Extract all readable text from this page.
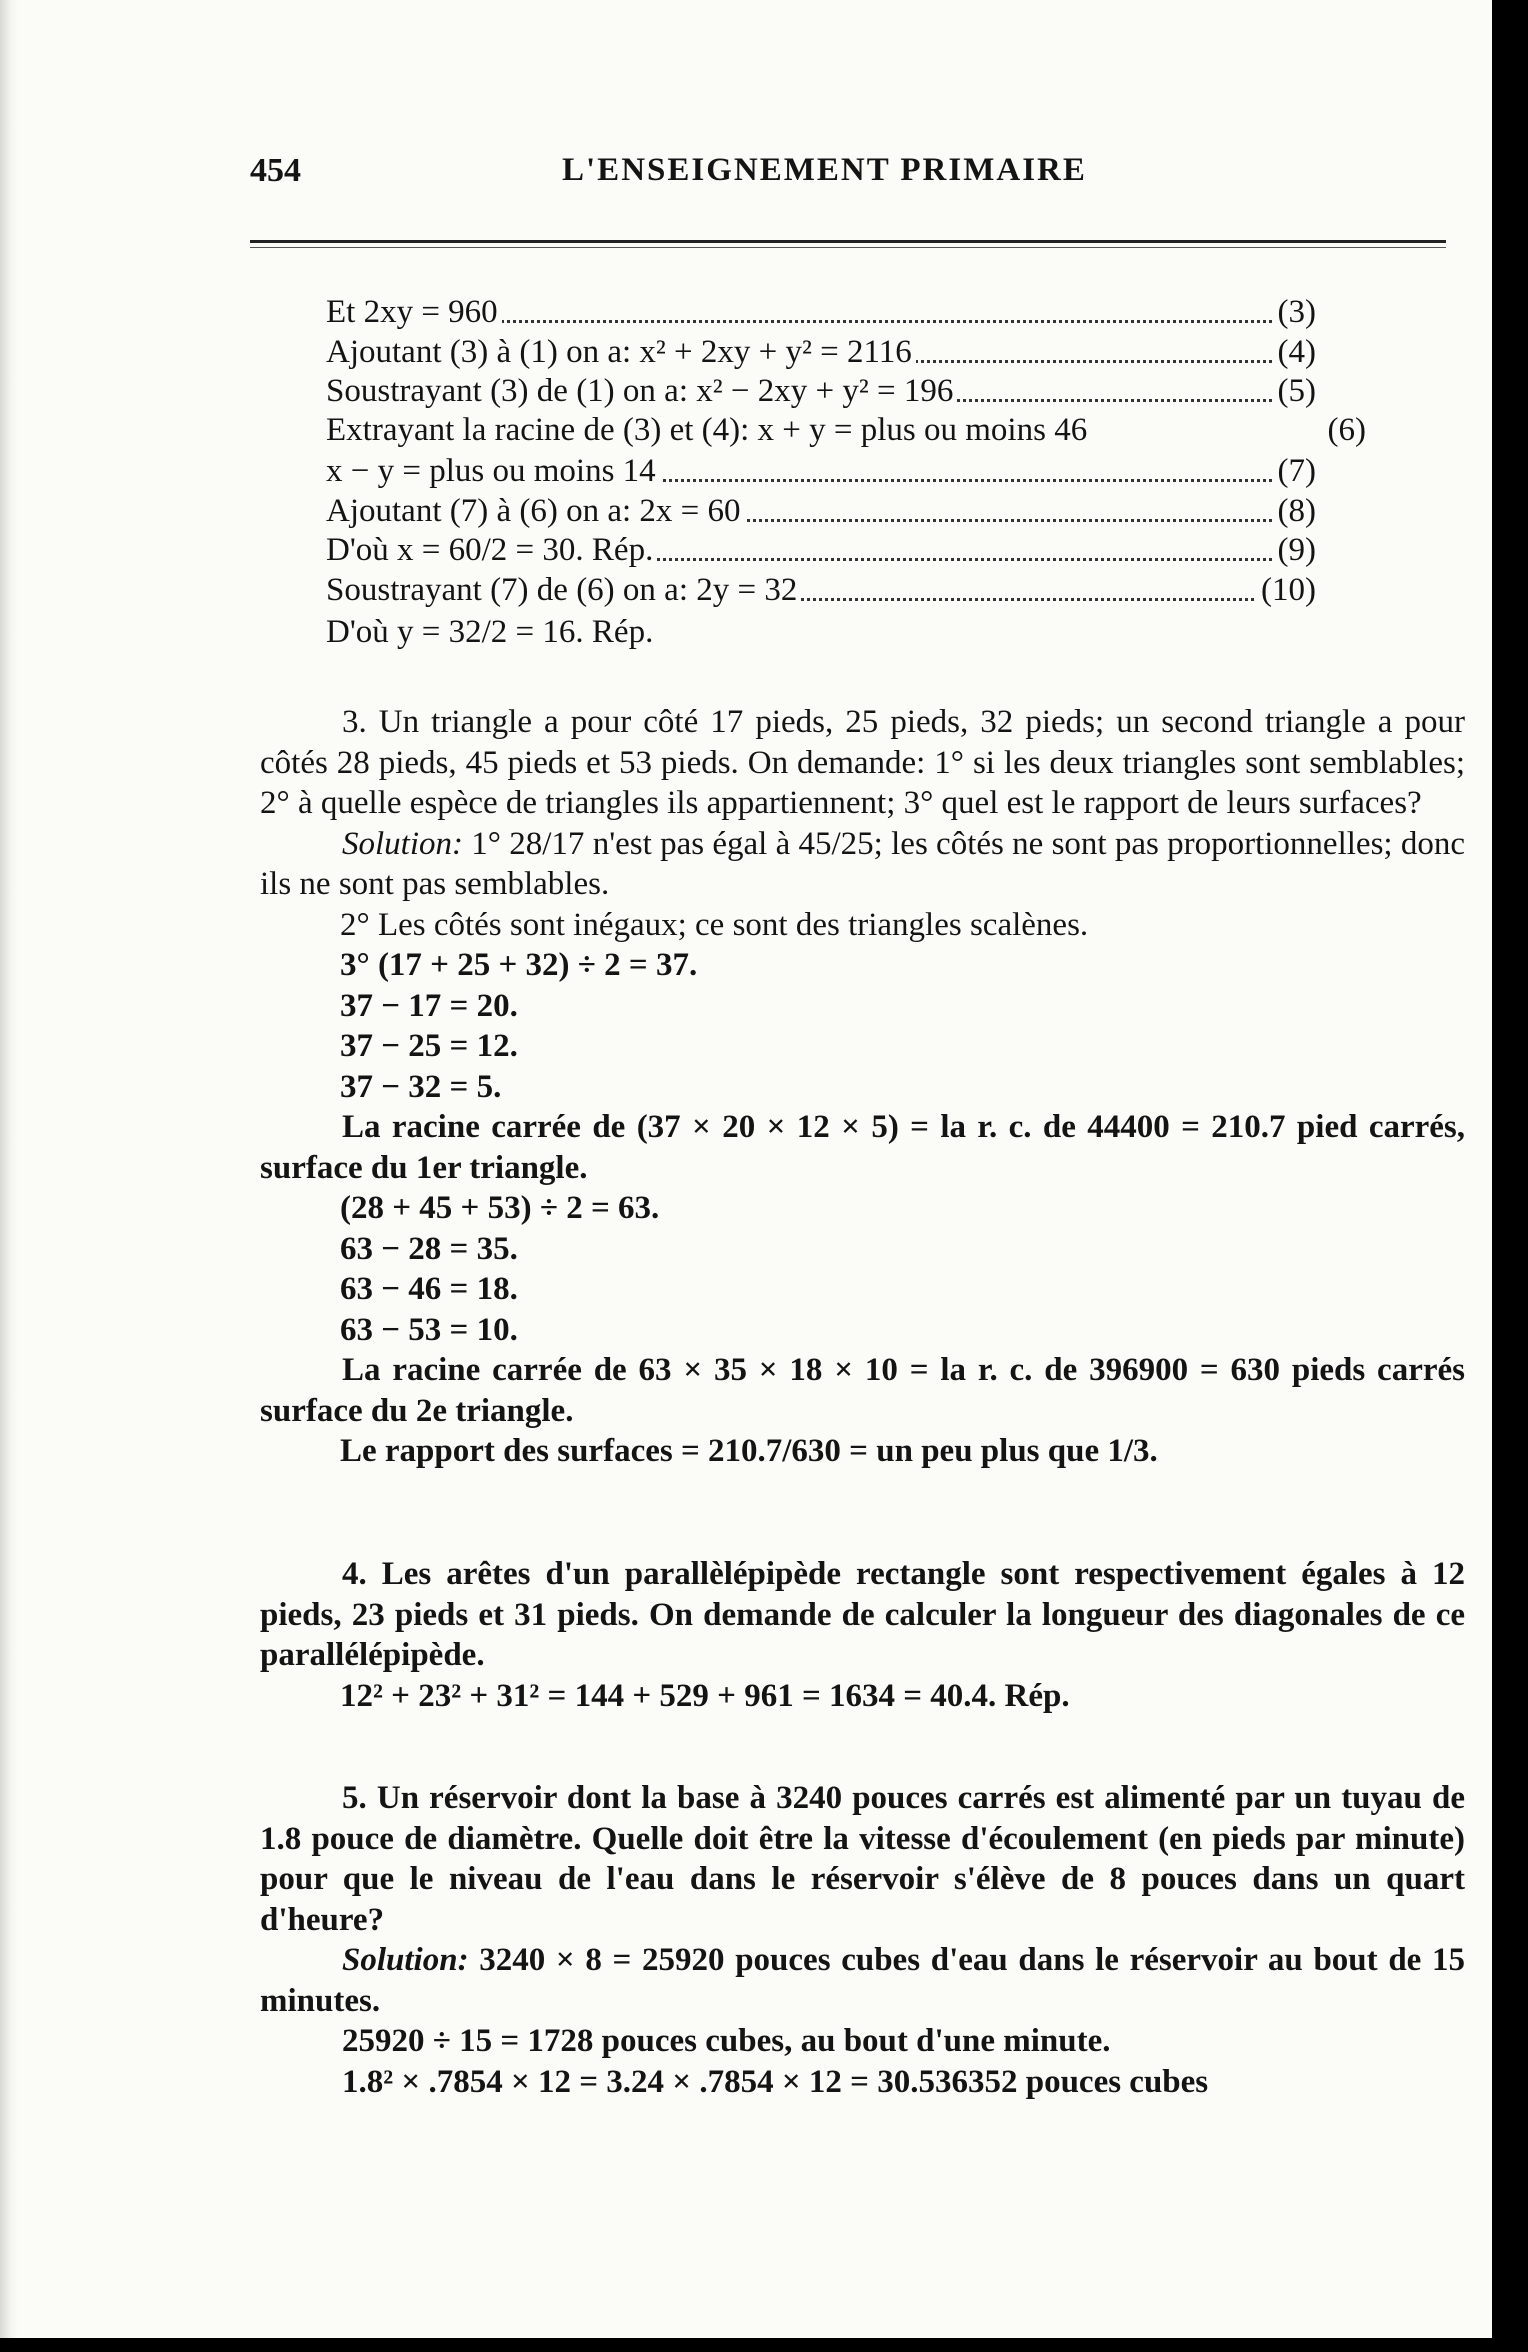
454	L'ENSEIGNEMENT PRIMAIRE
Et 2xy = 960	(3)
Ajoutant (3) à (1) on a: x² + 2xy + y² = 2116	(4)
Soustrayant (3) de (1) on a: x² − 2xy + y² = 196	(5)
Extrayant la racine de (3) et (4): x + y = plus ou moins 46	(6)
x − y = plus ou moins 14	(7)
Ajoutant (7) à (6) on a: 2x = 60	(8)
D'où x = 60/2 = 30. Rép.	(9)
Soustrayant (7) de (6) on a: 2y = 32	(10)
D'où y = 32/2 = 16. Rép.

3. Un triangle a pour côté 17 pieds, 25 pieds, 32 pieds; un second triangle a pour côtés 28 pieds, 45 pieds et 53 pieds. On demande: 1° si les deux triangles sont semblables; 2° à quelle espèce de triangles ils appartiennent; 3° quel est le rapport de leurs surfaces?

Solution: 1° 28/17 n'est pas égal à 45/25; les côtés ne sont pas proportionnelles; donc ils ne sont pas semblables.

2° Les côtés sont inégaux; ce sont des triangles scalènes.

3° (17 + 25 + 32) ÷ 2 = 37.

37 − 17 = 20.

37 − 25 = 12.

37 − 32 = 5.

La racine carrée de (37 × 20 × 12 × 5) = la r. c. de 44400 = 210.7 pied carrés, surface du 1er triangle.

(28 + 45 + 53) ÷ 2 = 63.

63 − 28 = 35.

63 − 46 = 18.

63 − 53 = 10.

La racine carrée de 63 × 35 × 18 × 10 = la r. c. de 396900 = 630 pieds carrés surface du 2e triangle.

Le rapport des surfaces = 210.7/630 = un peu plus que 1/3.

4. Les arêtes d'un parallèlépipède rectangle sont respectivement égales à 12 pieds, 23 pieds et 31 pieds. On demande de calculer la longueur des diagonales de ce parallélépipède.

12² + 23² + 31² = 144 + 529 + 961 = 1634 = 40.4. Rép.

5. Un réservoir dont la base à 3240 pouces carrés est alimenté par un tuyau de 1.8 pouce de diamètre. Quelle doit être la vitesse d'écoulement (en pieds par minute) pour que le niveau de l'eau dans le réservoir s'élève de 8 pouces dans un quart d'heure?

Solution: 3240 × 8 = 25920 pouces cubes d'eau dans le réservoir au bout de 15 minutes.

25920 ÷ 15 = 1728 pouces cubes, au bout d'une minute.

1.8² × .7854 × 12 = 3.24 × .7854 × 12 = 30.536352 pouces cubes
